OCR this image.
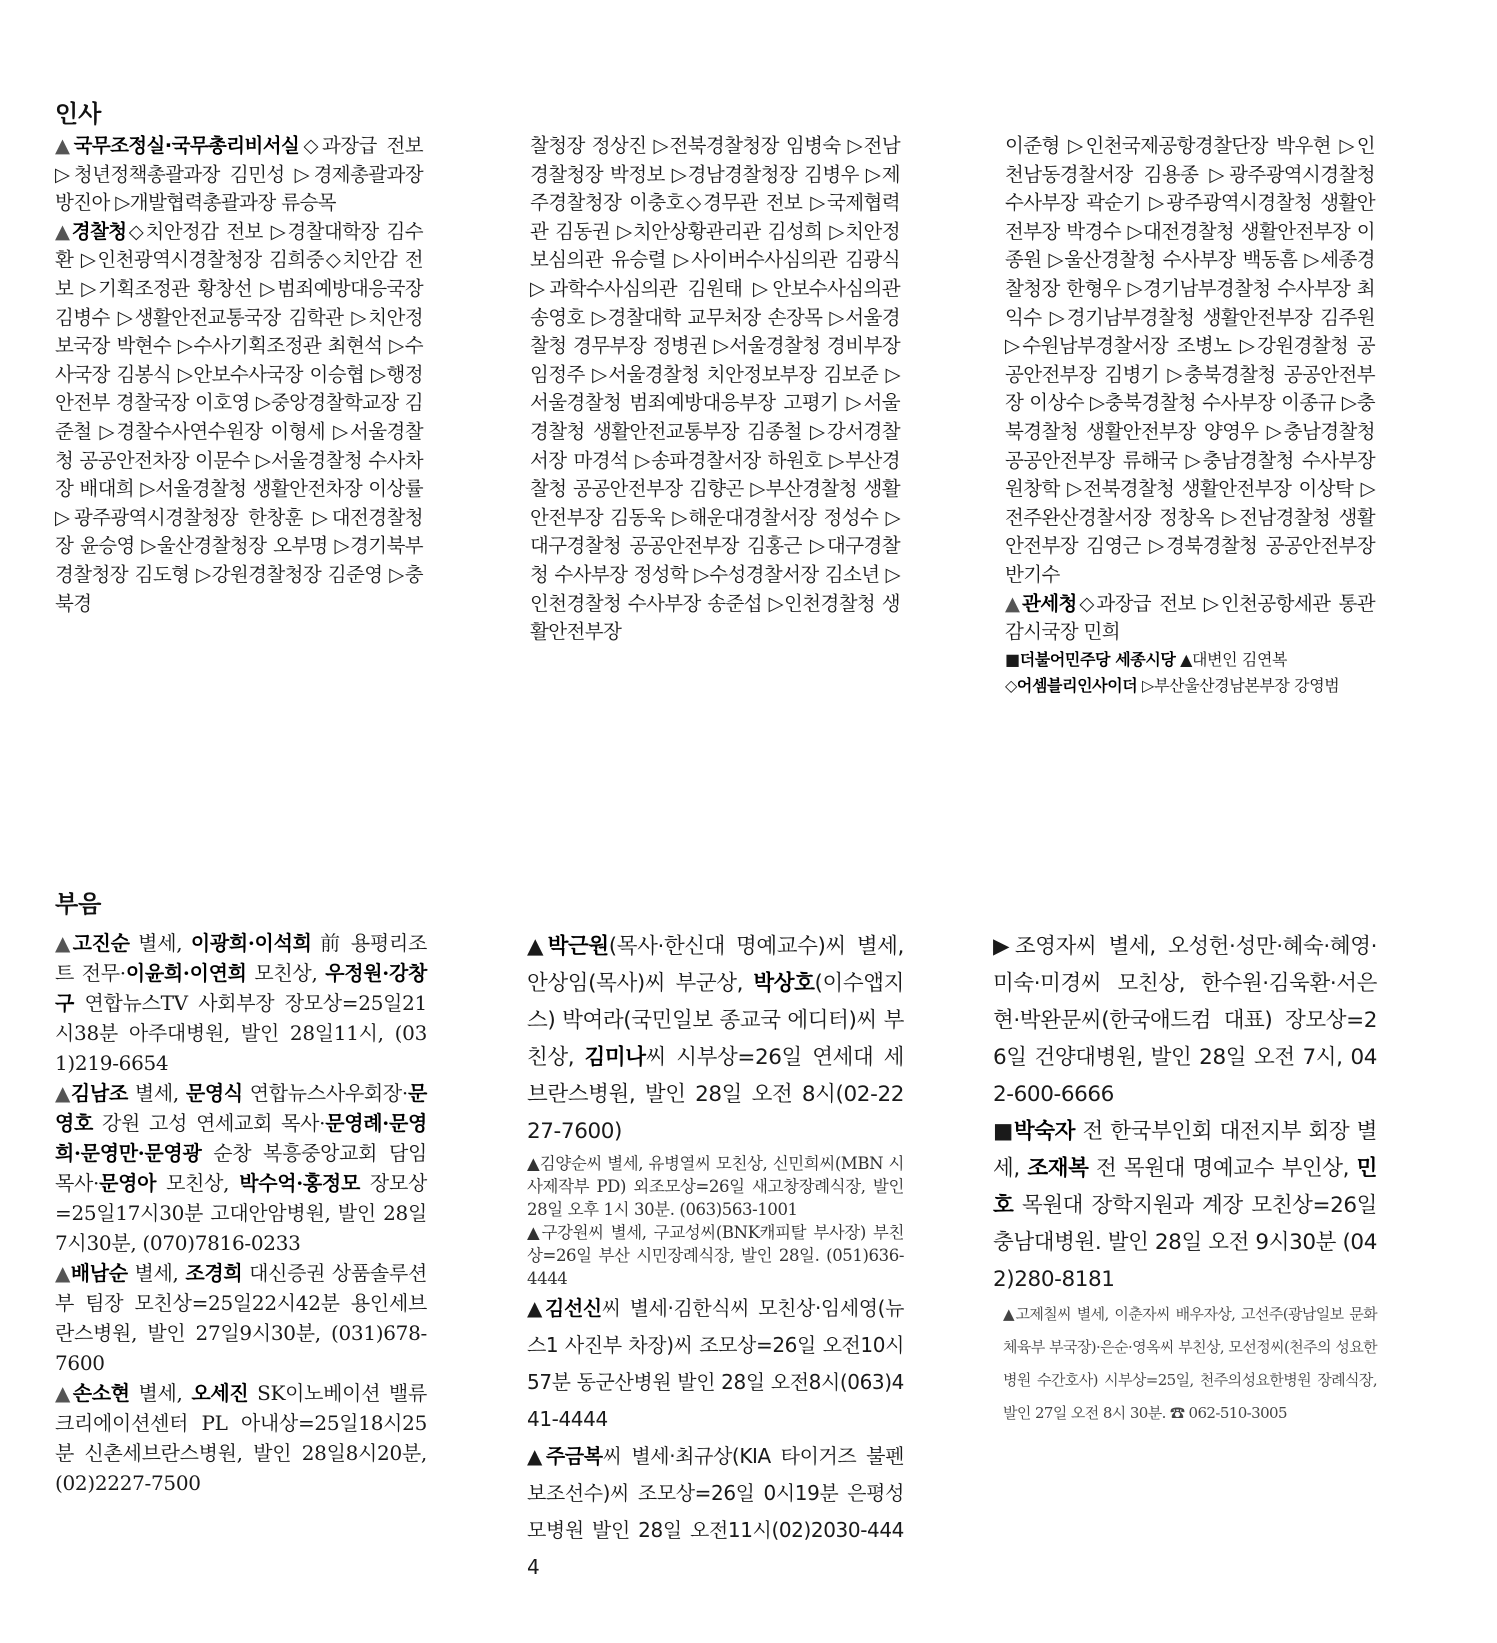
인사

▲국무조정실·국무총리비서실◇과장급 전보 ▷청년정책총괄과장 김민성 ▷경제총괄과장 방진아 ▷개발협력총괄과장 류승목

▲경찰청◇치안정감 전보 ▷경찰대학장 김수환 ▷인천광역시경찰청장 김희중◇치안감 전보 ▷기획조정관 황창선 ▷범죄예방대응국장 김병수 ▷생활안전교통국장 김학관 ▷치안정보국장 박현수 ▷수사기획조정관 최현석 ▷수사국장 김봉식 ▷안보수사국장 이승협 ▷행정안전부 경찰국장 이호영 ▷중앙경찰학교장 김준철 ▷경찰수사연수원장 이형세 ▷서울경찰청 공공안전차장 이문수 ▷서울경찰청 수사차장 배대희 ▷서울경찰청 생활안전차장 이상률 ▷광주광역시경찰청장 한창훈 ▷대전경찰청장 윤승영 ▷울산경찰청장 오부명 ▷경기북부경찰청장 김도형 ▷강원경찰청장 김준영 ▷충북경

찰청장 정상진 ▷전북경찰청장 임병숙 ▷전남경찰청장 박정보 ▷경남경찰청장 김병우 ▷제주경찰청장 이충호◇경무관 전보 ▷국제협력관 김동권 ▷치안상황관리관 김성희 ▷치안정보심의관 유승렬 ▷사이버수사심의관 김광식 ▷과학수사심의관 김원태 ▷안보수사심의관 송영호 ▷경찰대학 교무처장 손장목 ▷서울경찰청 경무부장 정병권 ▷서울경찰청 경비부장 임정주 ▷서울경찰청 치안정보부장 김보준 ▷서울경찰청 범죄예방대응부장 고평기 ▷서울경찰청 생활안전교통부장 김종철 ▷강서경찰서장 마경석 ▷송파경찰서장 하원호 ▷부산경찰청 공공안전부장 김향곤 ▷부산경찰청 생활안전부장 김동욱 ▷해운대경찰서장 정성수 ▷대구경찰청 공공안전부장 김홍근 ▷대구경찰청 수사부장 정성학 ▷수성경찰서장 김소년 ▷인천경찰청 수사부장 송준섭 ▷인천경찰청 생활안전부장

이준형 ▷인천국제공항경찰단장 박우현 ▷인천남동경찰서장 김용종 ▷광주광역시경찰청 수사부장 곽순기 ▷광주광역시경찰청 생활안전부장 박경수 ▷대전경찰청 생활안전부장 이종원 ▷울산경찰청 수사부장 백동흠 ▷세종경찰청장 한형우 ▷경기남부경찰청 수사부장 최익수 ▷경기남부경찰청 생활안전부장 김주원 ▷수원남부경찰서장 조병노 ▷강원경찰청 공공안전부장 김병기 ▷충북경찰청 공공안전부장 이상수 ▷충북경찰청 수사부장 이종규 ▷충북경찰청 생활안전부장 양영우 ▷충남경찰청 공공안전부장 류해국 ▷충남경찰청 수사부장 원창학 ▷전북경찰청 생활안전부장 이상탁 ▷전주완산경찰서장 정창옥 ▷전남경찰청 생활안전부장 김영근 ▷경북경찰청 공공안전부장 반기수

▲관세청◇과장급 전보 ▷인천공항세관 통관감시국장 민희

■더불어민주당 세종시당 ▲대변인 김연복

◇어셈블리인사이더 ▷부산울산경남본부장 강영범

부음

▲고진순 별세, 이광희·이석희 前 용평리조트 전무·이윤희·이연희 모친상, 우정원·강창구 연합뉴스TV 사회부장 장모상=25일21시38분 아주대병원, 발인 28일11시, (031)219-6654

▲김남조 별세, 문영식 연합뉴스사우회장·문영호 강원 고성 연세교회 목사·문영례·문영희·문영만·문영광 순창 복흥중앙교회 담임목사·문영아 모친상, 박수억·홍정모 장모상=25일17시30분 고대안암병원, 발인 28일7시30분, (070)7816-0233

▲배남순 별세, 조경희 대신증권 상품솔루션부 팀장 모친상=25일22시42분 용인세브란스병원, 발인 27일9시30분, (031)678-7600

▲손소현 별세, 오세진 SK이노베이션 밸류크리에이션센터 PL 아내상=25일18시25분 신촌세브란스병원, 발인 28일8시20분, (02)2227-7500

▲박근원(목사·한신대 명예교수)씨 별세, 안상임(목사)씨 부군상, 박상호(이수앱지스) 박여라(국민일보 종교국 에디터)씨 부친상, 김미나씨 시부상=26일 연세대 세브란스병원, 발인 28일 오전 8시(02-2227-7600)

▲김양순씨 별세, 유병열씨 모친상, 신민희씨(MBN 시사제작부 PD) 외조모상=26일 새고창장례식장, 발인 28일 오후 1시 30분. (063)563-1001

▲구강원씨 별세, 구교성씨(BNK캐피탈 부사장) 부친상=26일 부산 시민장례식장, 발인 28일. (051)636-4444

▲김선신씨 별세·김한식씨 모친상·임세영(뉴스1 사진부 차장)씨 조모상=26일 오전10시57분 동군산병원 발인 28일 오전8시(063)441-4444

▲주금복씨 별세·최규상(KIA 타이거즈 불펜 보조선수)씨 조모상=26일 0시19분 은평성모병원 발인 28일 오전11시(02)2030-4444

▶조영자씨 별세, 오성헌·성만·혜숙·혜영·미숙·미경씨 모친상, 한수원·김욱환·서은현·박완문씨(한국애드컴 대표) 장모상=26일 건양대병원, 발인 28일 오전 7시, 042-600-6666

■박숙자 전 한국부인회 대전지부 회장 별세, 조재복 전 목원대 명예교수 부인상, 민호 목원대 장학지원과 계장 모친상=26일 충남대병원. 발인 28일 오전 9시30분 (042)280-8181

▲고제칠씨 별세, 이춘자씨 배우자상, 고선주(광남일보 문화체육부 부국장)·은순·영옥씨 부친상, 모선정씨(천주의 성요한병원 수간호사) 시부상=25일, 천주의성요한병원 장례식장, 발인 27일 오전 8시 30분. ☎ 062-510-3005
